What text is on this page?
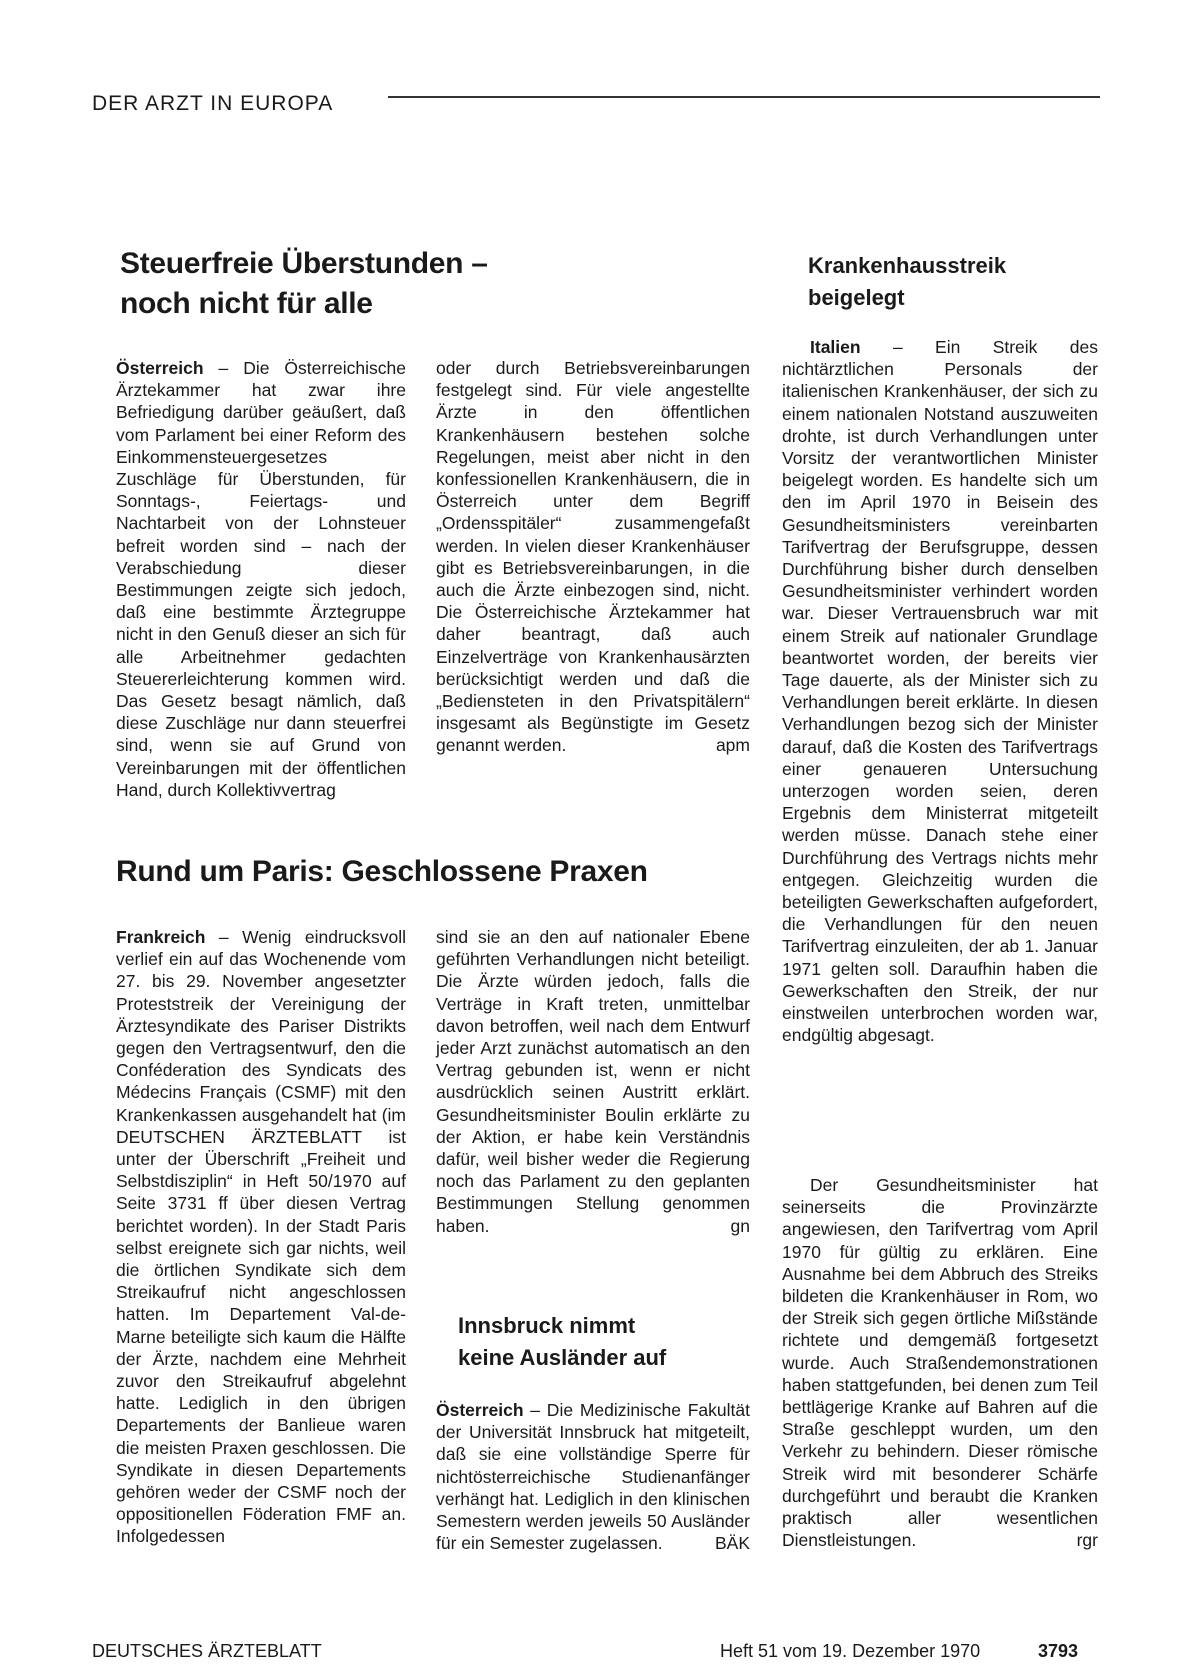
DER ARZT IN EUROPA
Steuerfreie Überstunden –
noch nicht für alle
Österreich – Die Österreichische Ärztekammer hat zwar ihre Befriedigung darüber geäußert, daß vom Parlament bei einer Reform des Einkommensteuergesetzes Zuschläge für Überstunden, für Sonntags-, Feiertags- und Nachtarbeit von der Lohnsteuer befreit worden sind – nach der Verabschiedung dieser Bestimmungen zeigte sich jedoch, daß eine bestimmte Ärztegruppe nicht in den Genuß dieser an sich für alle Arbeitnehmer gedachten Steuererleichterung kommen wird. Das Gesetz besagt nämlich, daß diese Zuschläge nur dann steuerfrei sind, wenn sie auf Grund von Vereinbarungen mit der öffentlichen Hand, durch Kollektivvertrag
oder durch Betriebsvereinbarungen festgelegt sind. Für viele angestellte Ärzte in den öffentlichen Krankenhäusern bestehen solche Regelungen, meist aber nicht in den konfessionellen Krankenhäusern, die in Österreich unter dem Begriff „Ordensspitäler“ zusammengefaßt werden. In vielen dieser Krankenhäuser gibt es Betriebsvereinbarungen, in die auch die Ärzte einbezogen sind, nicht. Die Österreichische Ärztekammer hat daher beantragt, daß auch Einzelverträge von Krankenhausärzten berücksichtigt werden und daß die „Bediensteten in den Privatspitälern“ insgesamt als Begünstigte im Gesetz genannt werden.	apm
Rund um Paris: Geschlossene Praxen
Frankreich – Wenig eindrucksvoll verlief ein auf das Wochenende vom 27. bis 29. November angesetzter Proteststreik der Vereinigung der Ärztesyndikate des Pariser Distrikts gegen den Vertragsentwurf, den die Conféderation des Syndicats des Médecins Français (CSMF) mit den Krankenkassen ausgehandelt hat (im DEUTSCHEN ÄRZTEBLATT ist unter der Überschrift „Freiheit und Selbstdisziplin“ in Heft 50/1970 auf Seite 3731 ff über diesen Vertrag berichtet worden). In der Stadt Paris selbst ereignete sich gar nichts, weil die örtlichen Syndikate sich dem Streikaufruf nicht angeschlossen hatten. Im Departement Val-de-Marne beteiligte sich kaum die Hälfte der Ärzte, nachdem eine Mehrheit zuvor den Streikaufruf abgelehnt hatte. Lediglich in den übrigen Departements der Banlieue waren die meisten Praxen geschlossen. Die Syndikate in diesen Departements gehören weder der CSMF noch der oppositionellen Föderation FMF an. Infolgedessen
sind sie an den auf nationaler Ebene geführten Verhandlungen nicht beteiligt. Die Ärzte würden jedoch, falls die Verträge in Kraft treten, unmittelbar davon betroffen, weil nach dem Entwurf jeder Arzt zunächst automatisch an den Vertrag gebunden ist, wenn er nicht ausdrücklich seinen Austritt erklärt. Gesundheitsminister Boulin erklärte zu der Aktion, er habe kein Verständnis dafür, weil bisher weder die Regierung noch das Parlament zu den geplanten Bestimmungen Stellung genommen haben.	gn
Innsbruck nimmt
keine Ausländer auf
Österreich – Die Medizinische Fakultät der Universität Innsbruck hat mitgeteilt, daß sie eine vollständige Sperre für nichtösterreichische Studienanfänger verhängt hat. Lediglich in den klinischen Semestern werden jeweils 50 Ausländer für ein Semester zugelassen.	BÄK
Krankenhausstreik
beigelegt
Italien – Ein Streik des nichtärztlichen Personals der italienischen Krankenhäuser, der sich zu einem nationalen Notstand auszuweiten drohte, ist durch Verhandlungen unter Vorsitz der verantwortlichen Minister beigelegt worden. Es handelte sich um den im April 1970 in Beisein des Gesundheitsministers vereinbarten Tarifvertrag der Berufsgruppe, dessen Durchführung bisher durch denselben Gesundheitsminister verhindert worden war. Dieser Vertrauensbruch war mit einem Streik auf nationaler Grundlage beantwortet worden, der bereits vier Tage dauerte, als der Minister sich zu Verhandlungen bereit erklärte. In diesen Verhandlungen bezog sich der Minister darauf, daß die Kosten des Tarifvertrags einer genaueren Untersuchung unterzogen worden seien, deren Ergebnis dem Ministerrat mitgeteilt werden müsse. Danach stehe einer Durchführung des Vertrags nichts mehr entgegen. Gleichzeitig wurden die beteiligten Gewerkschaften aufgefordert, die Verhandlungen für den neuen Tarifvertrag einzuleiten, der ab 1. Januar 1971 gelten soll. Daraufhin haben die Gewerkschaften den Streik, der nur einstweilen unterbrochen worden war, endgültig abgesagt.
Der Gesundheitsminister hat seinerseits die Provinzärzte angewiesen, den Tarifvertrag vom April 1970 für gültig zu erklären. Eine Ausnahme bei dem Abbruch des Streiks bildeten die Krankenhäuser in Rom, wo der Streik sich gegen örtliche Mißstände richtete und demgemäß fortgesetzt wurde. Auch Straßendemonstrationen haben stattgefunden, bei denen zum Teil bettlägerige Kranke auf Bahren auf die Straße geschleppt wurden, um den Verkehr zu behindern. Dieser römische Streik wird mit besonderer Schärfe durchgeführt und beraubt die Kranken praktisch aller wesentlichen Dienstleistungen.	rgr
DEUTSCHES ÄRZTEBLATT	Heft 51 vom 19. Dezember 1970	3793
